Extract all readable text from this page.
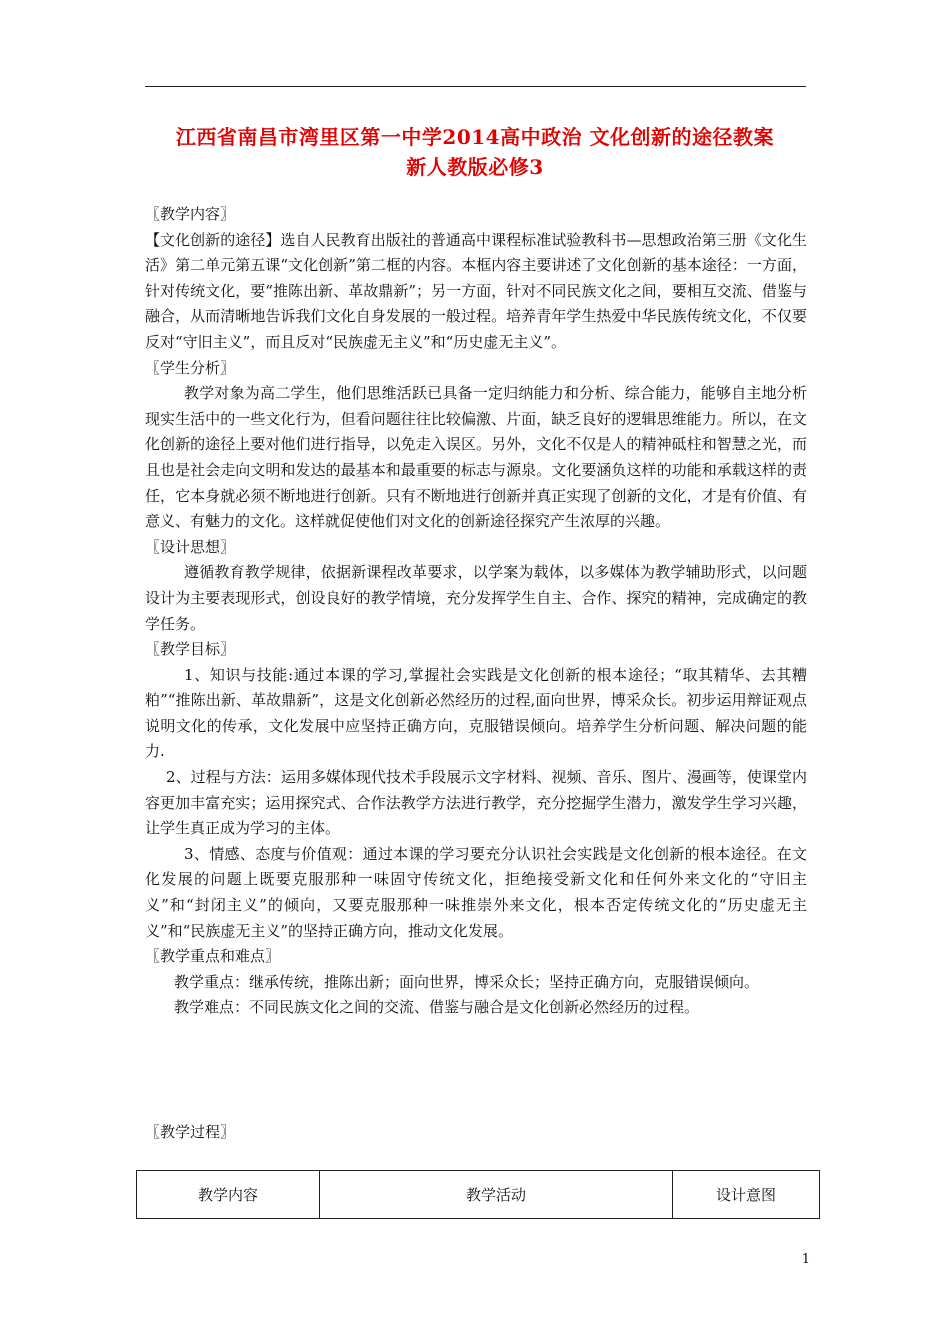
江西省南昌市湾里区第一中学2014高中政治 文化创新的途径教案
新人教版必修3

〖教学内容〗

【文化创新的途径】选自人民教育出版社的普通高中课程标准试验教科书—思想政治第三册《文化生活》第二单元第五课“文化创新”第二框的内容。本框内容主要讲述了文化创新的基本途径：一方面，针对传统文化，要“推陈出新、革故鼎新”；另一方面，针对不同民族文化之间，要相互交流、借鉴与融合，从而清晰地告诉我们文化自身发展的一般过程。培养青年学生热爱中华民族传统文化，不仅要反对“守旧主义”，而且反对“民族虚无主义”和“历史虚无主义”。

〖学生分析〗

教学对象为高二学生，他们思维活跃已具备一定归纳能力和分析、综合能力，能够自主地分析现实生活中的一些文化行为，但看问题往往比较偏激、片面，缺乏良好的逻辑思维能力。所以，在文化创新的途径上要对他们进行指导，以免走入误区。另外，文化不仅是人的精神砥柱和智慧之光，而且也是社会走向文明和发达的最基本和最重要的标志与源泉。文化要涵负这样的功能和承载这样的责任，它本身就必须不断地进行创新。只有不断地进行创新并真正实现了创新的文化，才是有价值、有意义、有魅力的文化。这样就促使他们对文化的创新途径探究产生浓厚的兴趣。

〖设计思想〗

遵循教育教学规律，依据新课程改革要求，以学案为载体，以多媒体为教学辅助形式，以问题设计为主要表现形式，创设良好的教学情境，充分发挥学生自主、合作、探究的精神，完成确定的教学任务。

〖教学目标〗

1、知识与技能:通过本课的学习,掌握社会实践是文化创新的根本途径；“取其精华、去其糟粕”“推陈出新、革故鼎新”，这是文化创新必然经历的过程,面向世界，博采众长。初步运用辩证观点说明文化的传承，文化发展中应坚持正确方向，克服错误倾向。培养学生分析问题、解决问题的能力.

2、过程与方法：运用多媒体现代技术手段展示文字材料、视频、音乐、图片、漫画等，使课堂内容更加丰富充实；运用探究式、合作法教学方法进行教学，充分挖掘学生潜力，激发学生学习兴趣，让学生真正成为学习的主体。

3、情感、态度与价值观：通过本课的学习要充分认识社会实践是文化创新的根本途径。在文化发展的问题上既要克服那种一味固守传统文化，拒绝接受新文化和任何外来文化的“守旧主义”和“封闭主义”的倾向，又要克服那种一味推崇外来文化，根本否定传统文化的“历史虚无主义”和“民族虚无主义”的坚持正确方向，推动文化发展。

〖教学重点和难点〗

教学重点：继承传统，推陈出新；面向世界，博采众长；坚持正确方向，克服错误倾向。

教学难点：不同民族文化之间的交流、借鉴与融合是文化创新必然经历的过程。

〖教学过程〗
教学内容	教学活动	设计意图
1
